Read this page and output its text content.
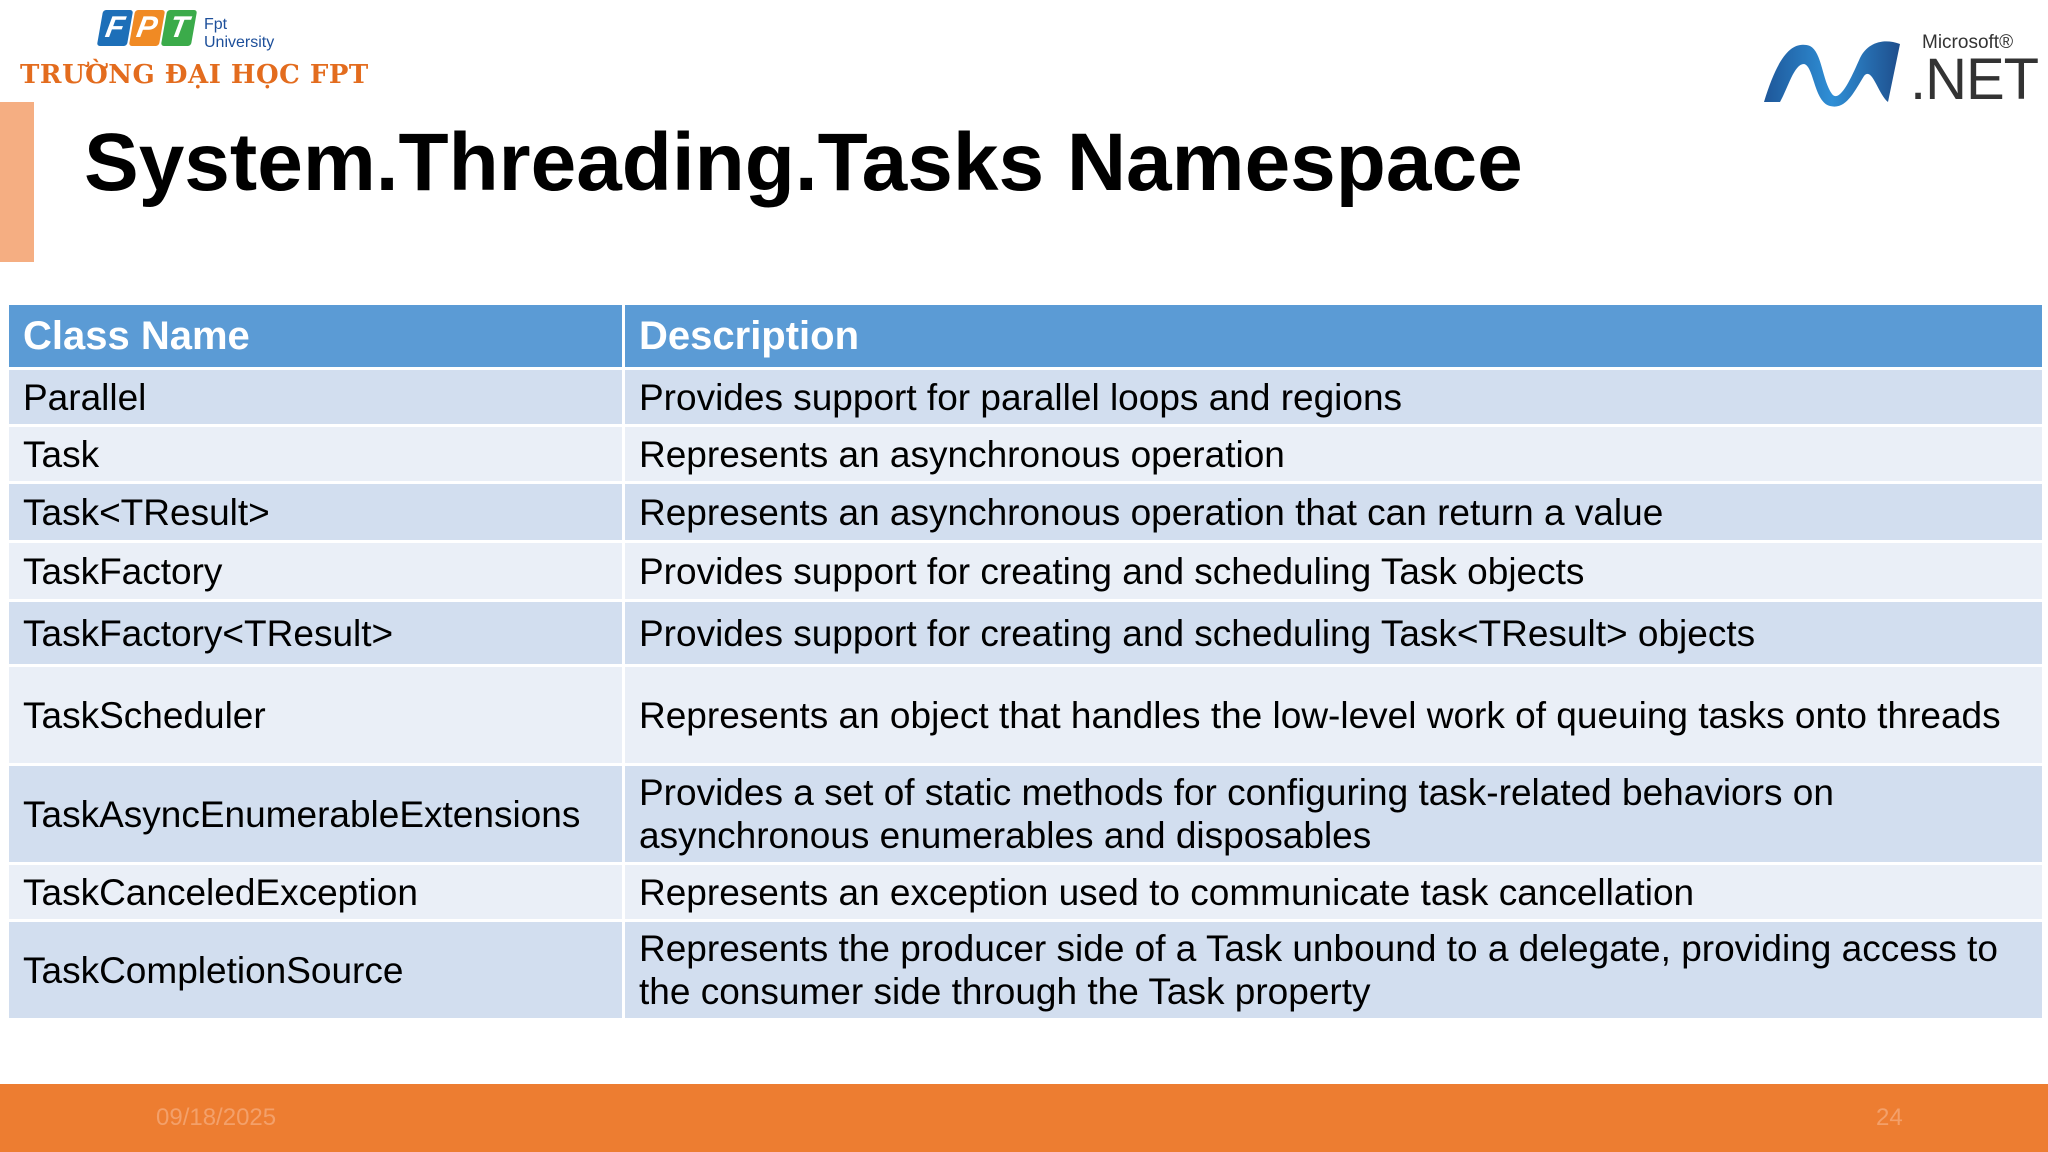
F P T Fpt University
TRƯỜNG ĐẠI HỌC FPT
Microsoft®
.NET
System.Threading.Tasks Namespace
Class Name	Description
Parallel	Provides support for parallel loops and regions
Task	Represents an asynchronous operation
Task<TResult>	Represents an asynchronous operation that can return a value
TaskFactory	Provides support for creating and scheduling Task objects
TaskFactory<TResult>	Provides support for creating and scheduling Task<TResult> objects
TaskScheduler	Represents an object that handles the low-level work of queuing tasks onto threads
TaskAsyncEnumerableExtensions	Provides a set of static methods for configuring task-related behaviors on asynchronous enumerables and disposables
TaskCanceledException	Represents an exception used to communicate task cancellation
TaskCompletionSource	Represents the producer side of a Task unbound to a delegate, providing access to the consumer side through the Task property
09/18/2025	24
